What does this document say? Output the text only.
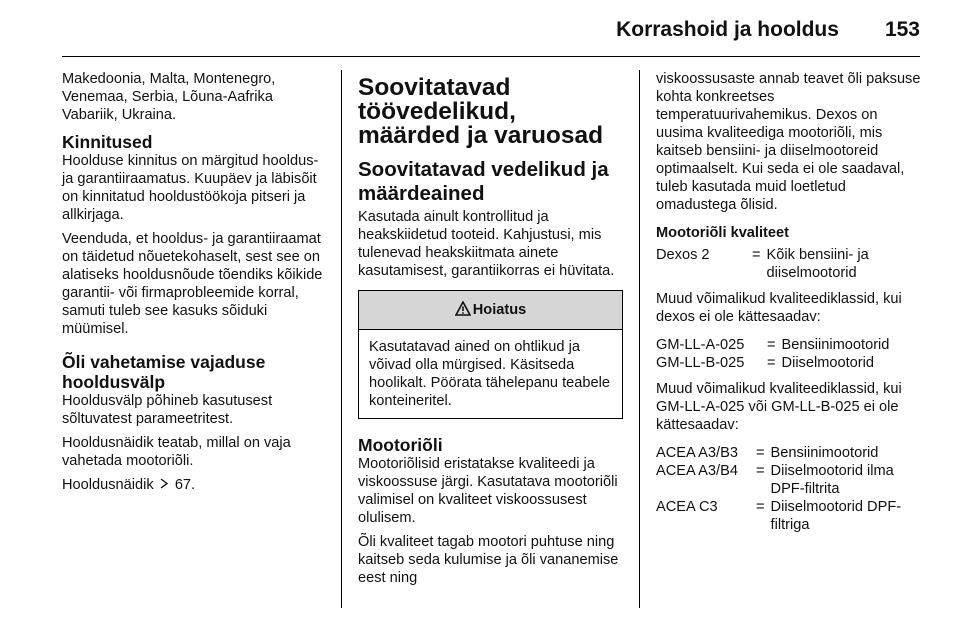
Korrashoid ja hooldus 153

Makedoonia, Malta, Montenegro, Venemaa, Serbia, Lõuna-Aafrika Vabariik, Ukraina.

Kinnitused

Hoolduse kinnitus on märgitud hooldus- ja garantiiraamatus. Kuupäev ja läbisõit on kinnitatud hooldustöökoja pitseri ja allkirjaga.

Veenduda, et hooldus- ja garantiiraamat on täidetud nõuetekohaselt, sest see on alatiseks hooldusnõude tõendiks kõikide garantii- või firmaprobleemide korral, samuti tuleb see kasuks sõiduki müümisel.

Õli vahetamise vajaduse hooldusvälp

Hooldusvälp põhineb kasutusest sõltuvatest parameetritest.

Hooldusnäidik teatab, millal on vaja vahetada mootoriõli.

Hooldusnäidik 67.

Soovitatavad töövedelikud, määrded ja varuosad
Soovitatavad vedelikud ja määrdeained

Kasutada ainult kontrollitud ja heakskiidetud tooteid. Kahjustusi, mis tulenevad heakskiitmata ainete kasutamisest, garantiikorras ei hüvitata.

Hoiatus
Kasutatavad ained on ohtlikud ja võivad olla mürgised. Käsitseda hoolikalt. Pöörata tähelepanu teabele konteineritel.
Mootoriõli

Mootoriõlisid eristatakse kvaliteedi ja viskoossuse järgi. Kasutatava mootoriõli valimisel on kvaliteet viskoossusest olulisem.

Õli kvaliteet tagab mootori puhtuse ning kaitseb seda kulumise ja õli vananemise eest ning

viskoossusaste annab teavet õli paksuse kohta konkreetses temperatuurivahemikus. Dexos on uusima kvaliteediga mootoriõli, mis kaitseb bensiini- ja diiselmootoreid optimaalselt. Kui seda ei ole saadaval, tuleb kasutada muid loetletud omadustega õlisid.

Mootoriõli kvaliteet
Dexos 2	=	Kõik bensiini- ja diiselmootorid

Muud võimalikud kvaliteediklassid, kui dexos ei ole kättesaadav:

GM-LL-A-025	=	Bensiinimootorid
GM-LL-B-025	=	Diiselmootorid

Muud võimalikud kvaliteediklassid, kui GM-LL-A-025 või GM-LL-B-025 ei ole kättesaadav:

ACEA A3/B3	=	Bensiinimootorid
ACEA A3/B4	=	Diiselmootorid ilma DPF-filtrita
ACEA C3	=	Diiselmootorid DPF-filtriga
